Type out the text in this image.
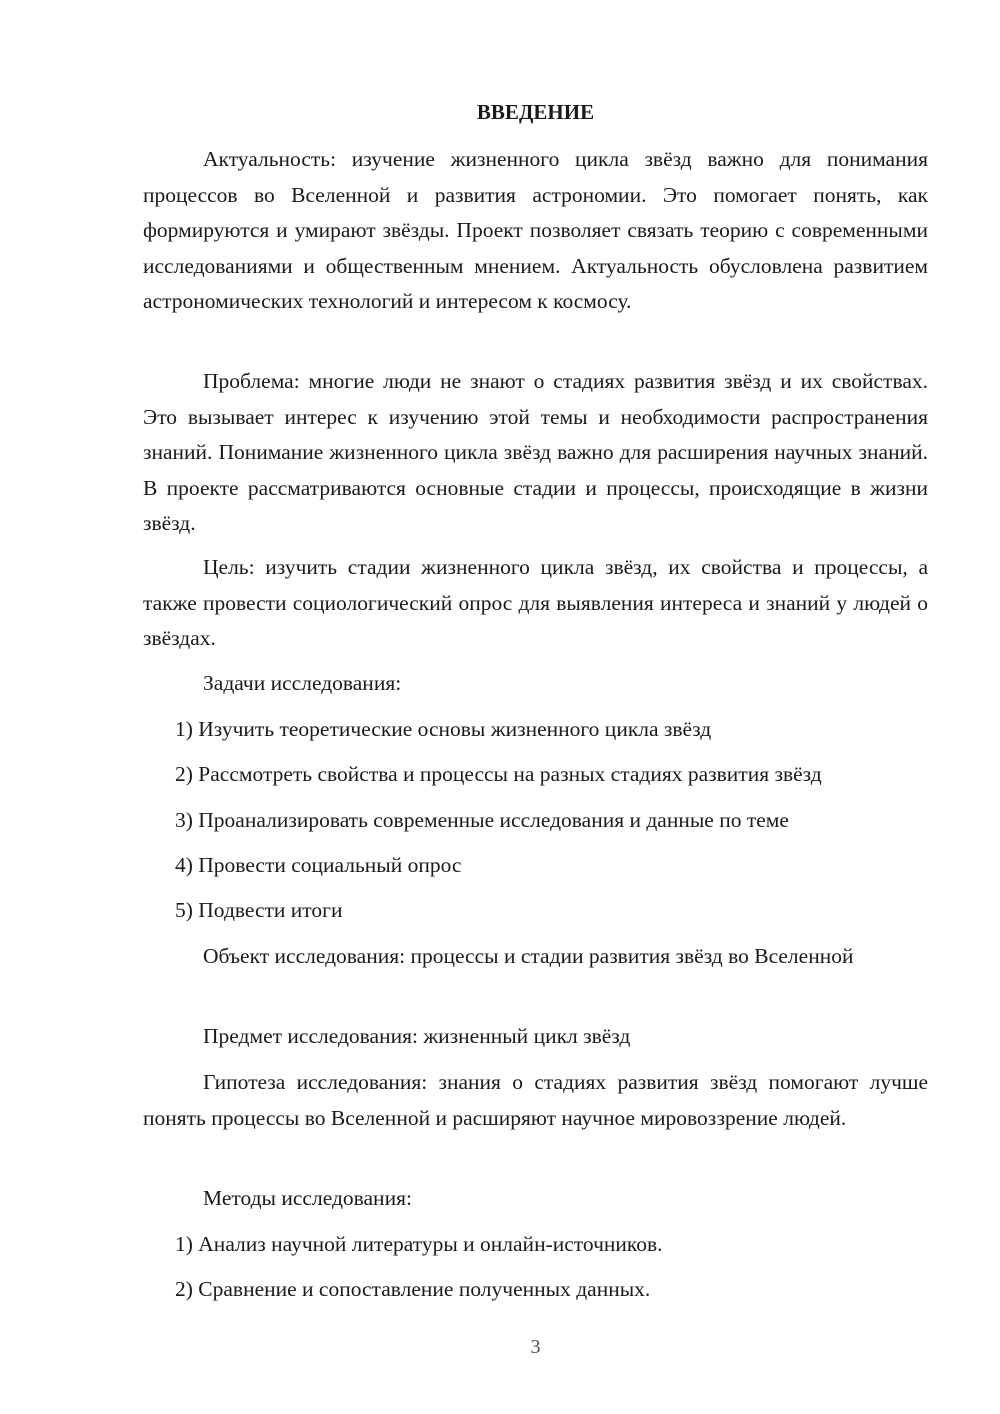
ВВЕДЕНИЕ
Актуальность: изучение жизненного цикла звёзд важно для понимания процессов во Вселенной и развития астрономии. Это помогает понять, как формируются и умирают звёзды. Проект позволяет связать теорию с современными исследованиями и общественным мнением. Актуальность обусловлена развитием астрономических технологий и интересом к космосу.
Проблема: многие люди не знают о стадиях развития звёзд и их свойствах. Это вызывает интерес к изучению этой темы и необходимости распространения знаний. Понимание жизненного цикла звёзд важно для расширения научных знаний. В проекте рассматриваются основные стадии и процессы, происходящие в жизни звёзд.
Цель: изучить стадии жизненного цикла звёзд, их свойства и процессы, а также провести социологический опрос для выявления интереса и знаний у людей о звёздах.
Задачи исследования:
1) Изучить теоретические основы жизненного цикла звёзд
2) Рассмотреть свойства и процессы на разных стадиях развития звёзд
3) Проанализировать современные исследования и данные по теме
4) Провести социальный опрос
5) Подвести итоги
Объект исследования: процессы и стадии развития звёзд во Вселенной
Предмет исследования: жизненный цикл звёзд
Гипотеза исследования: знания о стадиях развития звёзд помогают лучше понять процессы во Вселенной и расширяют научное мировоззрение людей.
Методы исследования:
1) Анализ научной литературы и онлайн-источников.
2) Сравнение и сопоставление полученных данных.
3
